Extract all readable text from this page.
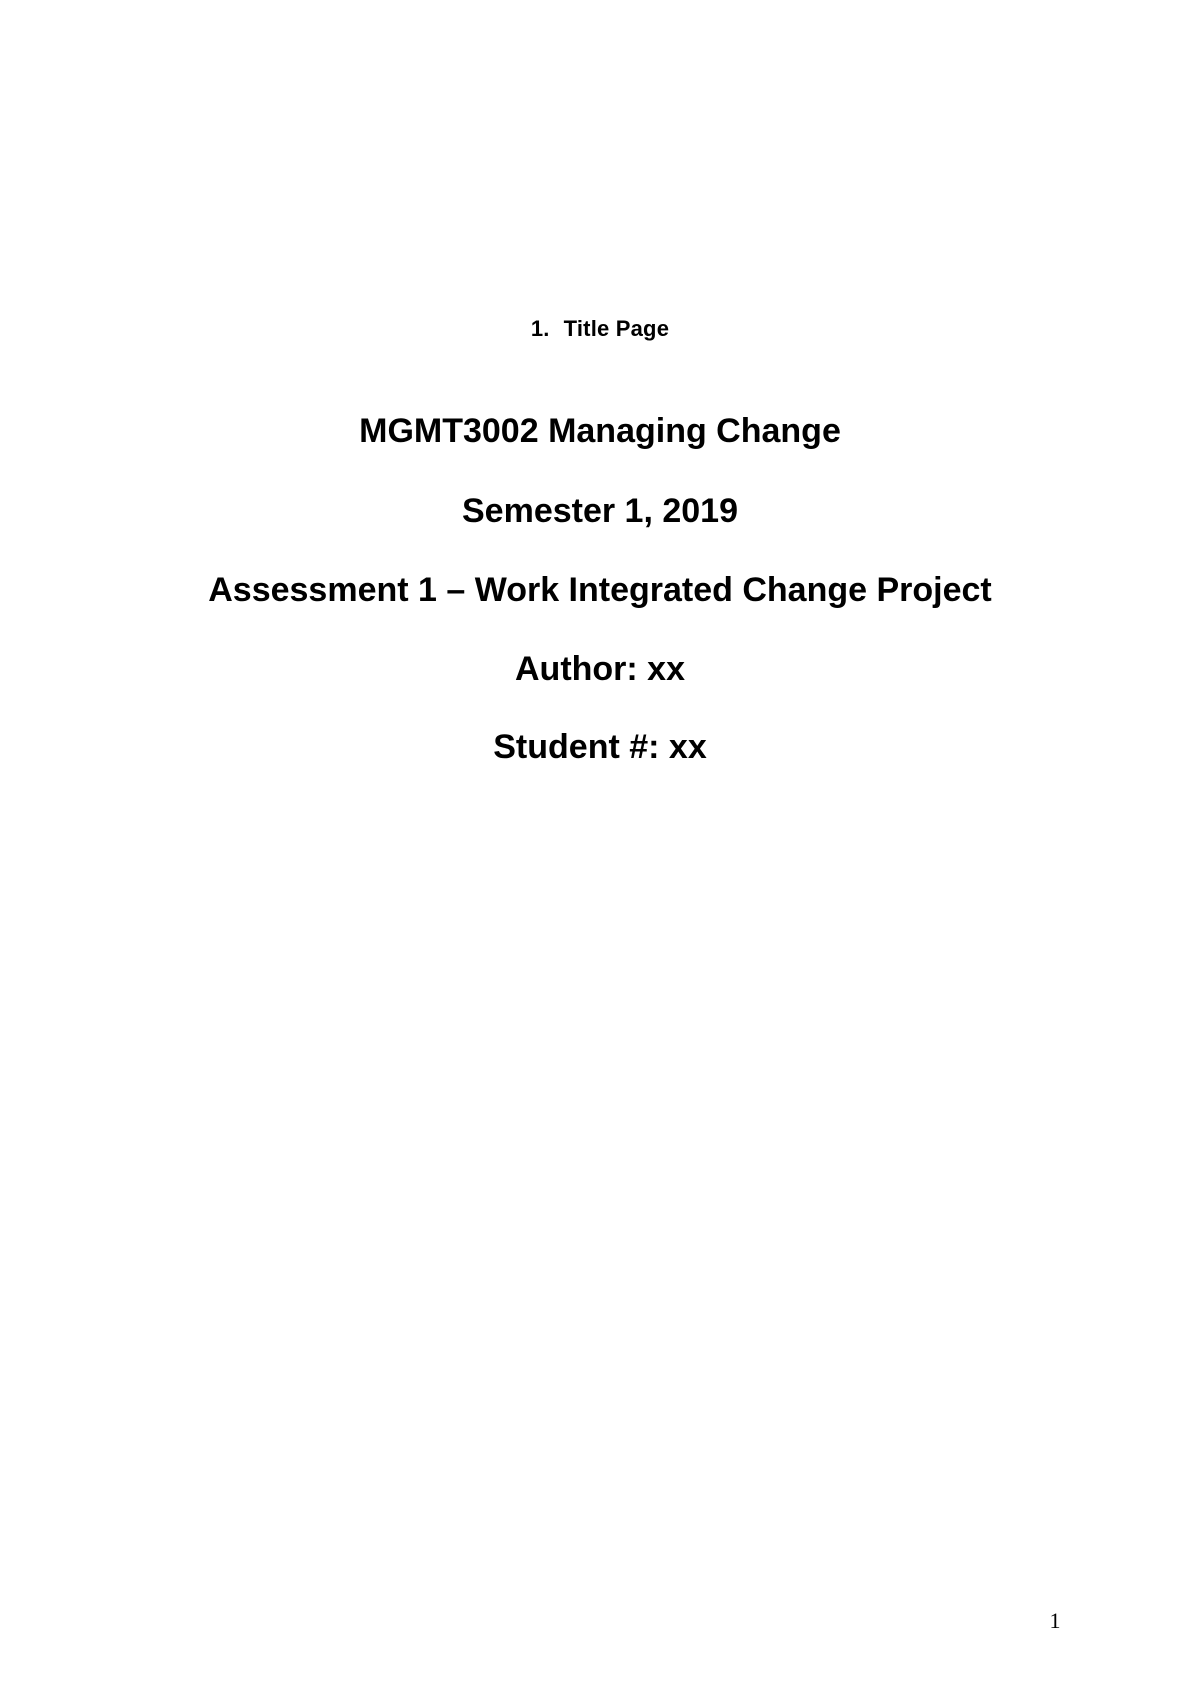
1. Title Page
MGMT3002 Managing Change
Semester 1, 2019
Assessment 1 – Work Integrated Change Project
Author: xx
Student #: xx
1
